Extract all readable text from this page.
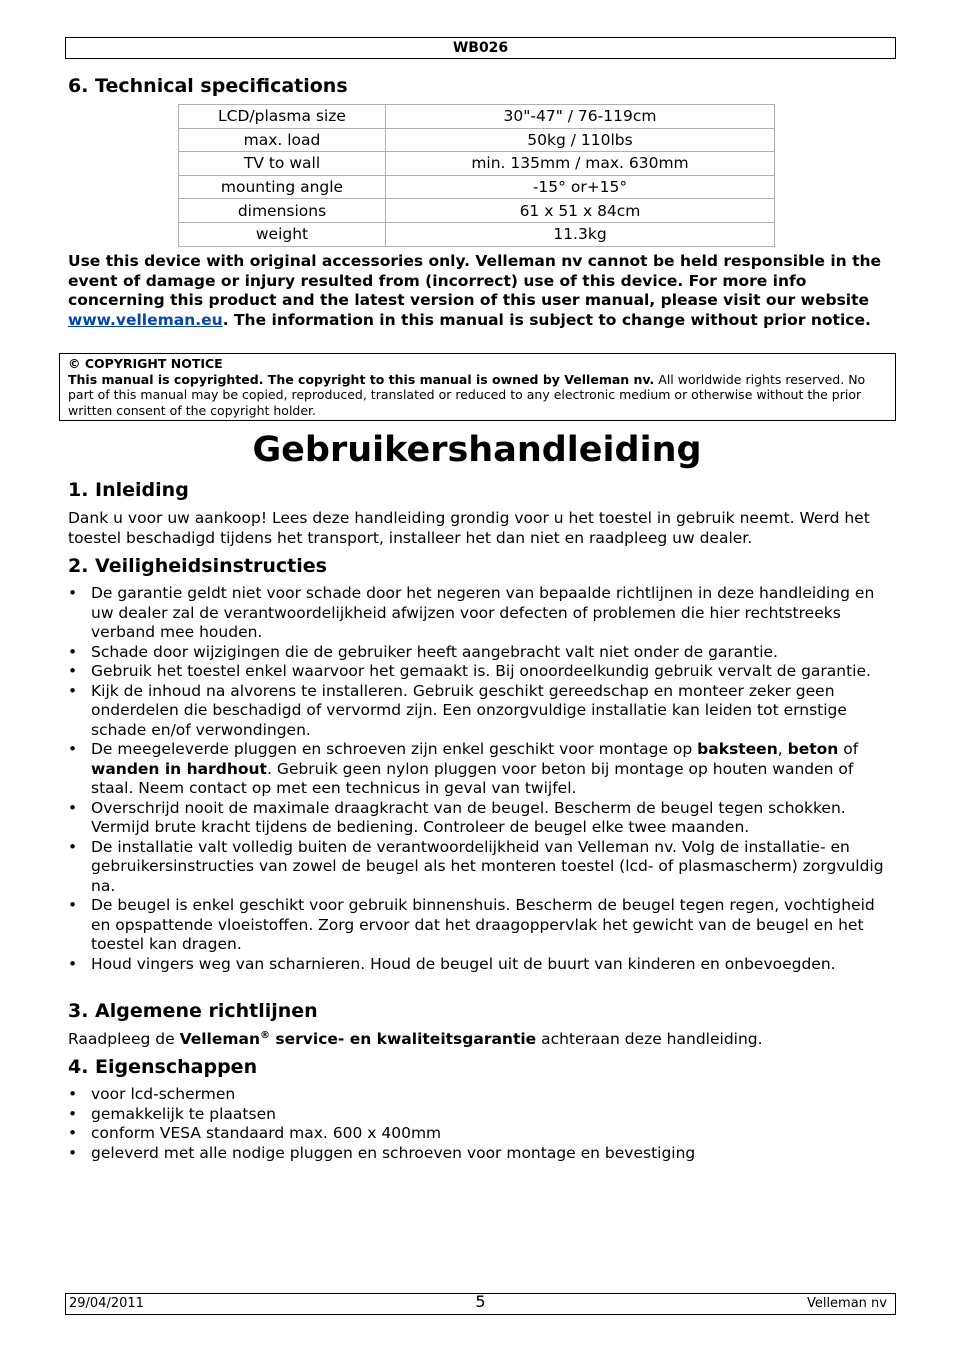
WB026
6. Technical specifications
LCD/plasma size	30"-47" / 76-119cm
max. load	50kg / 110lbs
TV to wall	min. 135mm / max. 630mm
mounting angle	-15° or+15°
dimensions	61 x 51 x 84cm
weight	11.3kg

Use this device with original accessories only. Velleman nv cannot be held responsible in the event of damage or injury resulted from (incorrect) use of this device. For more info concerning this product and the latest version of this user manual, please visit our website www.velleman.eu. The information in this manual is subject to change without prior notice.

© COPYRIGHT NOTICE
This manual is copyrighted. The copyright to this manual is owned by Velleman nv. All worldwide rights reserved. No part of this manual may be copied, reproduced, translated or reduced to any electronic medium or otherwise without the prior written consent of the copyright holder.
Gebruikershandleiding
1. Inleiding

Dank u voor uw aankoop! Lees deze handleiding grondig voor u het toestel in gebruik neemt. Werd het toestel beschadigd tijdens het transport, installeer het dan niet en raadpleeg uw dealer.

2. Veiligheidsinstructies
• De garantie geldt niet voor schade door het negeren van bepaalde richtlijnen in deze handleiding en uw dealer zal de verantwoordelijkheid afwijzen voor defecten of problemen die hier rechtstreeks verband mee houden.
• Schade door wijzigingen die de gebruiker heeft aangebracht valt niet onder de garantie.
• Gebruik het toestel enkel waarvoor het gemaakt is. Bij onoordeelkundig gebruik vervalt de garantie.
• Kijk de inhoud na alvorens te installeren. Gebruik geschikt gereedschap en monteer zeker geen onderdelen die beschadigd of vervormd zijn. Een onzorgvuldige installatie kan leiden tot ernstige schade en/of verwondingen.
• De meegeleverde pluggen en schroeven zijn enkel geschikt voor montage op baksteen, beton of wanden in hardhout. Gebruik geen nylon pluggen voor beton bij montage op houten wanden of staal. Neem contact op met een technicus in geval van twijfel.
• Overschrijd nooit de maximale draagkracht van de beugel. Bescherm de beugel tegen schokken. Vermijd brute kracht tijdens de bediening. Controleer de beugel elke twee maanden.
• De installatie valt volledig buiten de verantwoordelijkheid van Velleman nv. Volg de installatie- en gebruikersinstructies van zowel de beugel als het monteren toestel (lcd- of plasmascherm) zorgvuldig na.
• De beugel is enkel geschikt voor gebruik binnenshuis. Bescherm de beugel tegen regen, vochtigheid en opspattende vloeistoffen. Zorg ervoor dat het draagoppervlak het gewicht van de beugel en het toestel kan dragen.
• Houd vingers weg van scharnieren. Houd de beugel uit de buurt van kinderen en onbevoegden.
3. Algemene richtlijnen

Raadpleeg de Velleman® service- en kwaliteitsgarantie achteraan deze handleiding.

4. Eigenschappen
• voor lcd-schermen
• gemakkelijk te plaatsen
• conform VESA standaard max. 600 x 400mm
• geleverd met alle nodige pluggen en schroeven voor montage en bevestiging
29/04/2011	5	Velleman nv
